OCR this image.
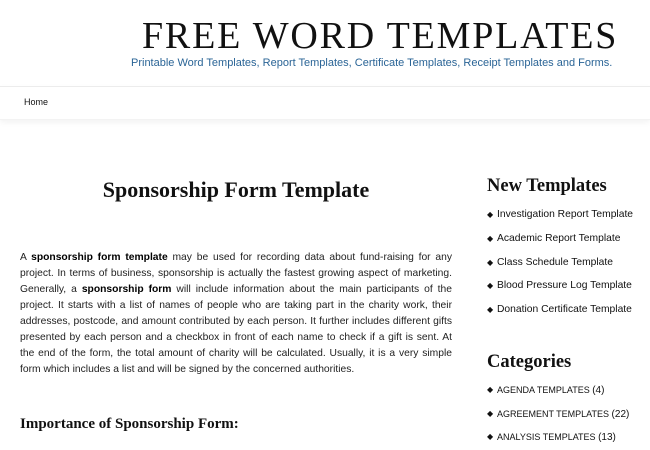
FREE WORD TEMPLATES
Printable Word Templates, Report Templates, Certificate Templates, Receipt Templates and Forms.
Home
Sponsorship Form Template

A sponsorship form template may be used for recording data about fund-raising for any project. In terms of business, sponsorship is actually the fastest growing aspect of marketing. Generally, a sponsorship form will include information about the main participants of the project. It starts with a list of names of people who are taking part in the charity work, their addresses, postcode, and amount contributed by each person. It further includes different gifts presented by each person and a checkbox in front of each name to check if a gift is sent. At the end of the form, the total amount of charity will be calculated. Usually, it is a very simple form which includes a list and will be signed by the concerned authorities.

Importance of Sponsorship Form:
New Templates
◆ Investigation Report Template
◆ Academic Report Template
◆ Class Schedule Template
◆ Blood Pressure Log Template
◆ Donation Certificate Template
Categories
◆ AGENDA TEMPLATES (4)
◆ AGREEMENT TEMPLATES (22)
◆ ANALYSIS TEMPLATES (13)
